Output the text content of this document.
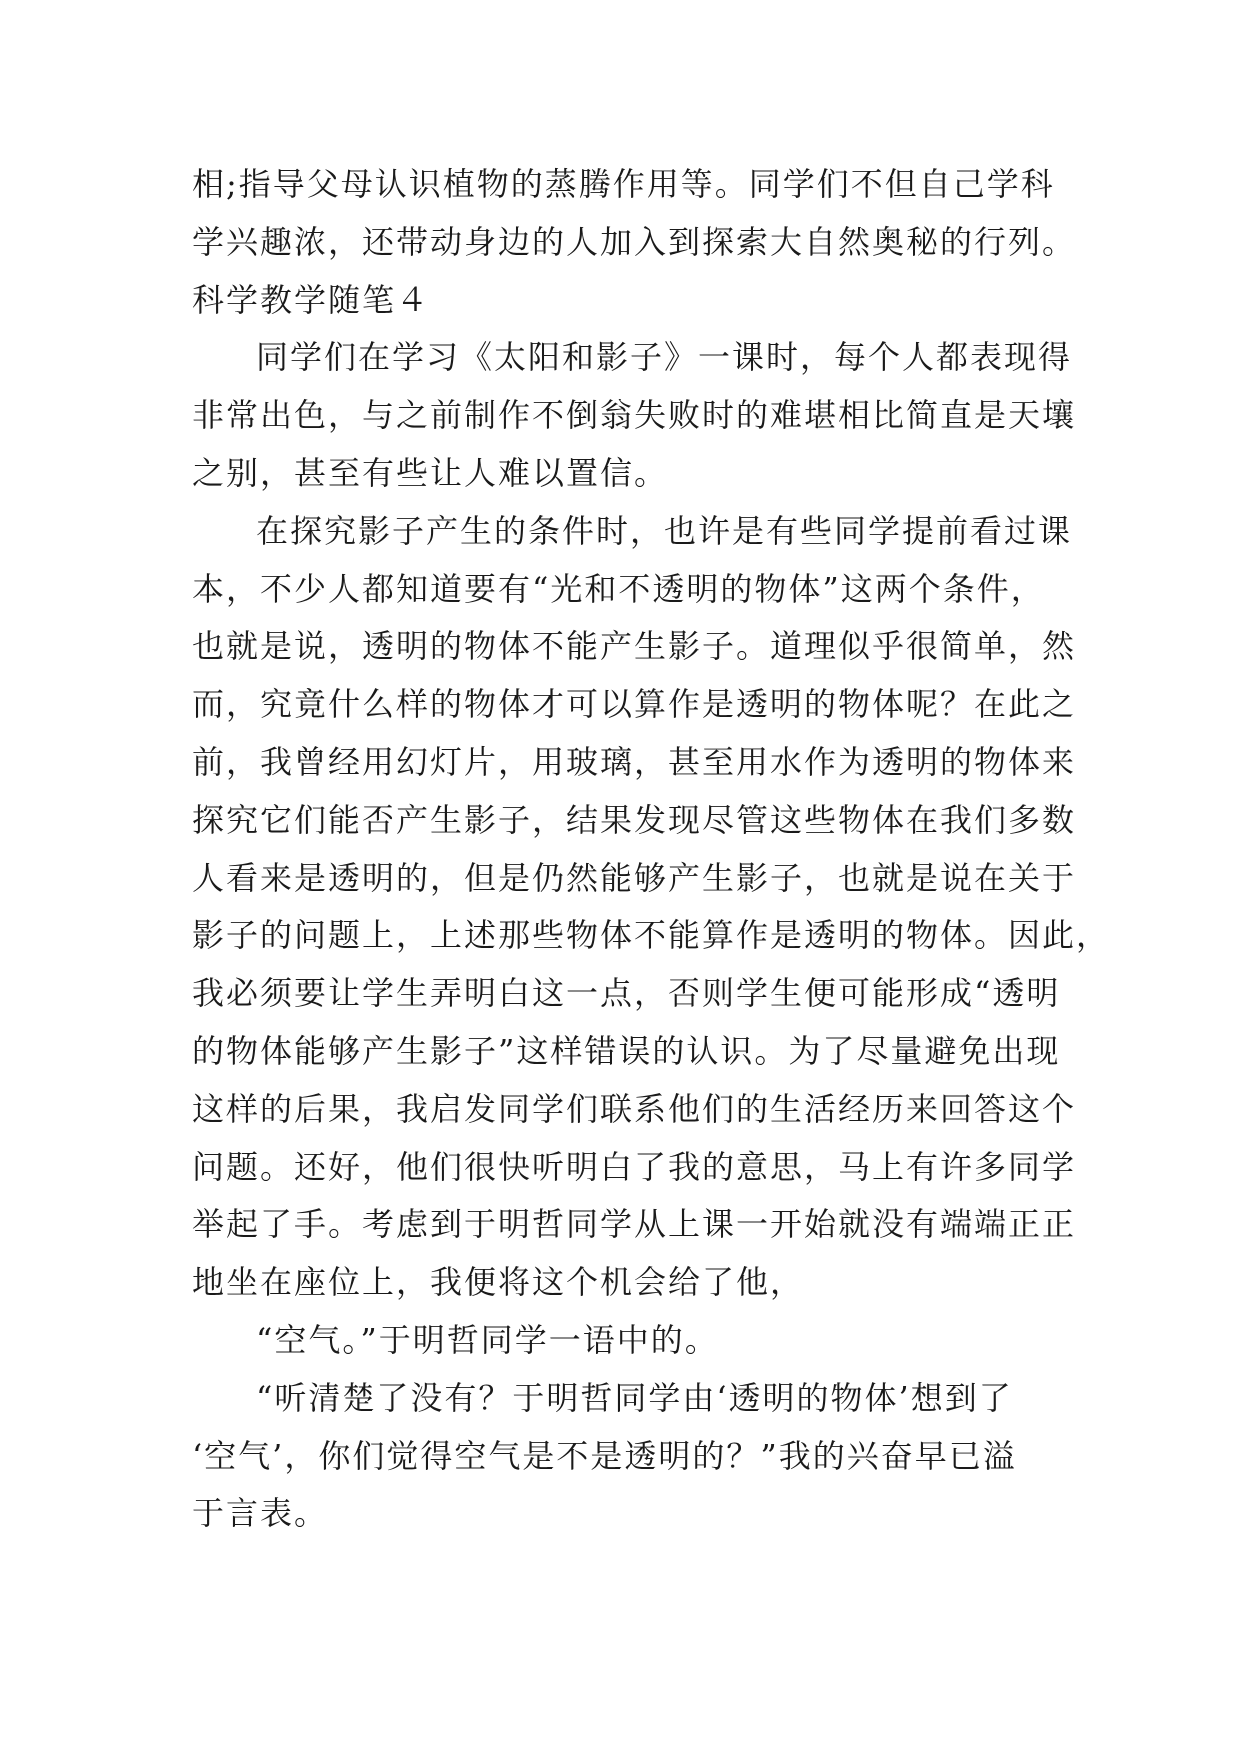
相;指导父母认识植物的蒸腾作用等。同学们不但自己学科
学兴趣浓，还带动身边的人加入到探索大自然奥秘的行列。
科学教学随笔４
同学们在学习《太阳和影子》一课时，每个人都表现得
非常出色，与之前制作不倒翁失败时的难堪相比简直是天壤
之别，甚至有些让人难以置信。
在探究影子产生的条件时，也许是有些同学提前看过课
本，不少人都知道要有“光和不透明的物体”这两个条件，
也就是说，透明的物体不能产生影子。道理似乎很简单，然
而，究竟什么样的物体才可以算作是透明的物体呢？在此之
前，我曾经用幻灯片，用玻璃，甚至用水作为透明的物体来
探究它们能否产生影子，结果发现尽管这些物体在我们多数
人看来是透明的，但是仍然能够产生影子，也就是说在关于
影子的问题上，上述那些物体不能算作是透明的物体。因此，
我必须要让学生弄明白这一点，否则学生便可能形成“透明
的物体能够产生影子”这样错误的认识。为了尽量避免出现
这样的后果，我启发同学们联系他们的生活经历来回答这个
问题。还好，他们很快听明白了我的意思，马上有许多同学
举起了手。考虑到于明哲同学从上课一开始就没有端端正正
地坐在座位上，我便将这个机会给了他，
“空气。”于明哲同学一语中的。
“听清楚了没有？于明哲同学由‘透明的物体’想到了
‘空气’，你们觉得空气是不是透明的？”我的兴奋早已溢
于言表。
